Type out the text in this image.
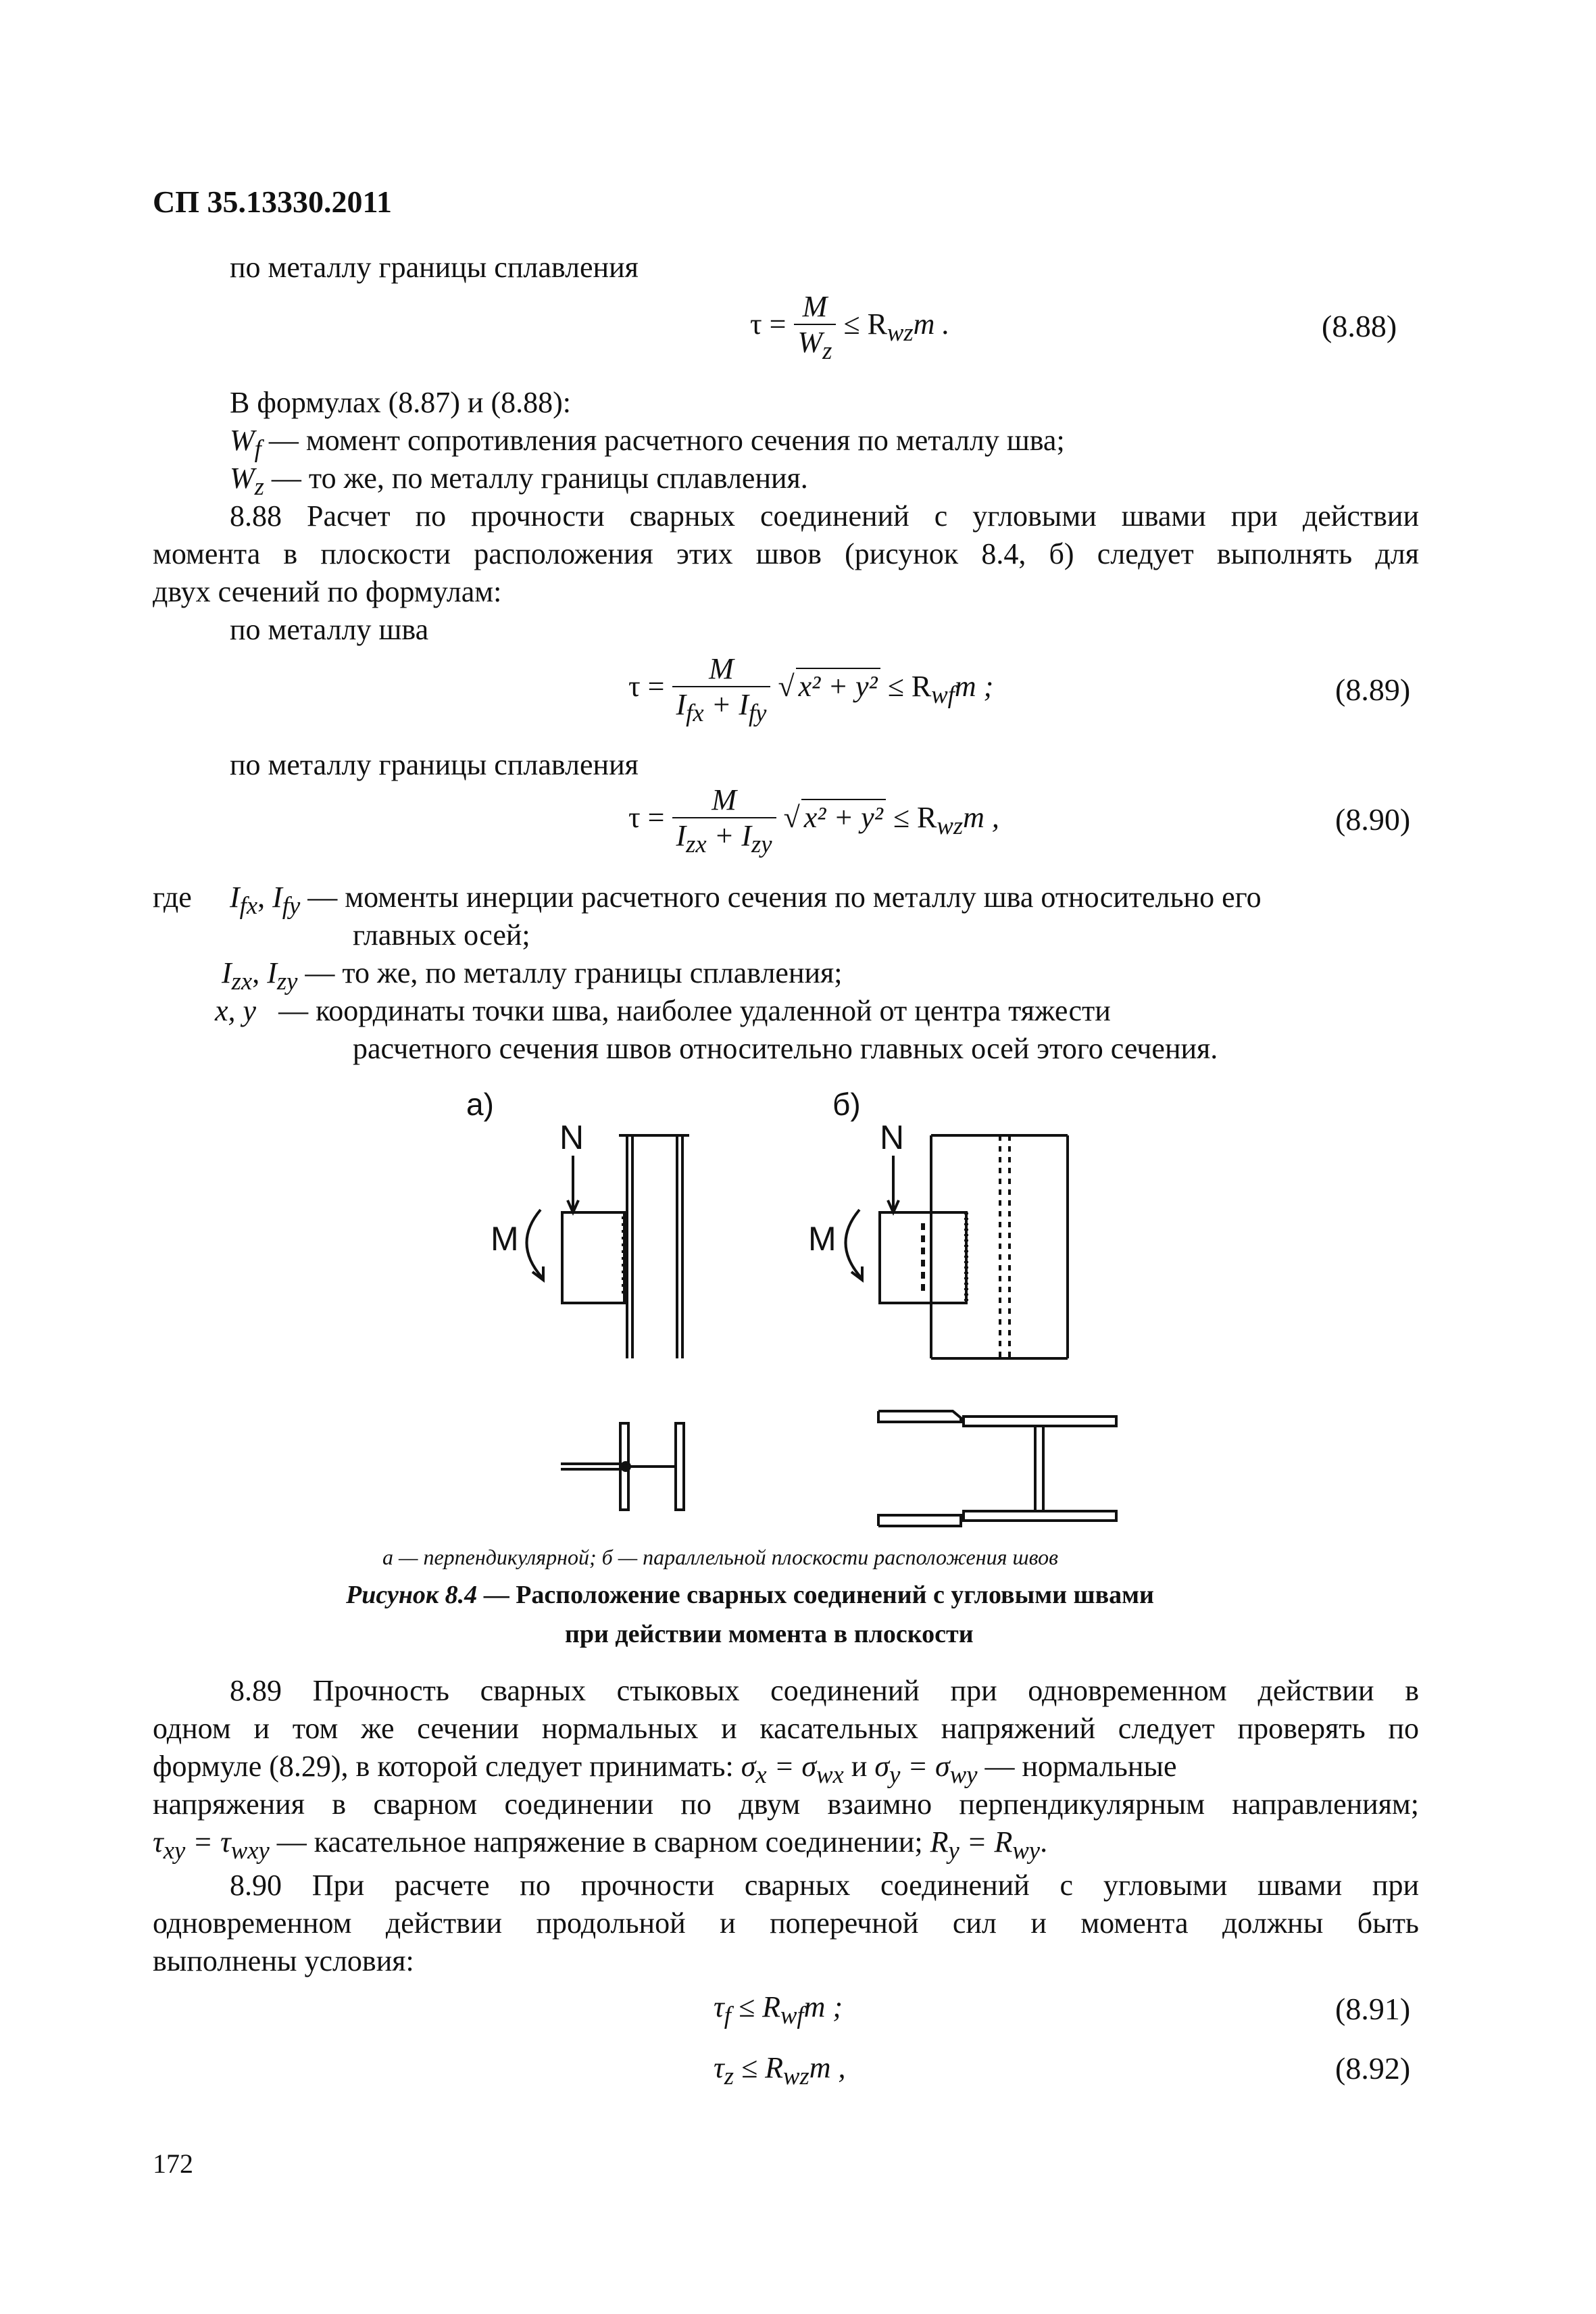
СП 35.13330.2011
по металлу границы сплавления
$\tau = \frac{M}{W_z} \le R_{wz}m$ .	(8.88)
В формулах (8.87) и (8.88):
$W_f$ — момент сопротивления расчетного сечения по металлу шва;
$W_z$ — то же, по металлу границы сплавления.
8.88 Расчет по прочности сварных соединений с угловыми швами при действии
момента в плоскости расположения этих швов (рисунок 8.4, б) следует выполнять для
двух сечений по формулам:
по металлу шва
$\tau = \frac{M}{I_{fx} + I_{fy}}$ √ $x^2 + y^2 \le R_{wf}m$ ;	(8.89)
по металлу границы сплавления
$\tau = \frac{M}{I_{zx} + I_{zy}}$ √ $x^2 + y^2 \le R_{wz}m$ ,	(8.90)
где $I_{fx}$, $I_{fy}$ — моменты инерции расчетного сечения по металлу шва относительно его
главных осей;
$I_{zx}$, $I_{zy}$ — то же, по металлу границы сплавления;
x, y — координаты точки шва, наиболее удаленной от центра тяжести
расчетного сечения швов относительно главных осей этого сечения.
а)
N
M
б)
N
M
а — перпендикулярной; б — параллельной плоскости расположения швов
Рисунок 8.4 — Расположение сварных соединений с угловыми швами
при действии момента в плоскости
8.89 Прочность сварных стыковых соединений при одновременном действии в
одном и том же сечении нормальных и касательных напряжений следует проверять по
формуле (8.29), в которой следует принимать: $\sigma_x = \sigma_{wx}$ и $\sigma_y = \sigma_{wy}$ — нормальные
напряжения в сварном соединении по двум взаимно перпендикулярным направлениям;
$\tau_{xy} = \tau_{wxy}$ — касательное напряжение в сварном соединении; $R_y = R_{wy}$.
8.90 При расчете по прочности сварных соединений с угловыми швами при
одновременном действии продольной и поперечной сил и момента должны быть
выполнены условия:
$\tau_f \le R_{wf}m$ ;	(8.91)
$\tau_z \le R_{wz}m$ ,	(8.92)
172
